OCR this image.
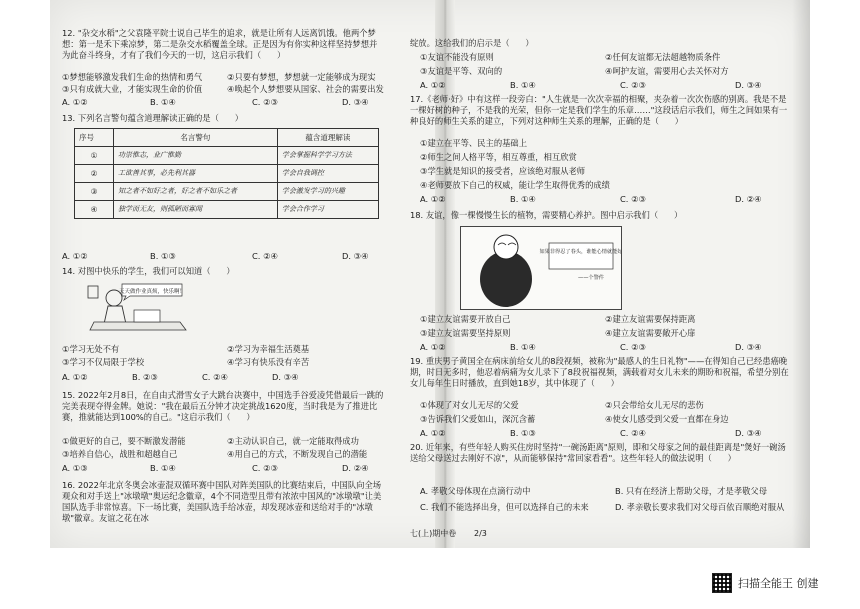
12. "杂交水稻"之父袁隆平院士说自己毕生的追求，就是让所有人远离饥饿。他两个梦想：第一是禾下乘凉梦，第二是杂交水稻覆盖全球。正是因为有你实种这样坚持梦想并为此奋斗终身，才有了我们今天的一切，这启示我们（      ）
①梦想能够激发我们生命的热情和勇气	②只要有梦想，梦想就一定能够成为现实
③只有成就大业，才能实现生命的价值	④唤起个人梦想要从国家、社会的需要出发
A. ①②	B. ①④	C. ②③	D. ③④
13. 下列名言警句蕴含道理解读正确的是（      ）
序号	名言警句	蕴含道理解读
①	功崇惟志，业广惟勤	学会掌握科学学习方法
②	工欲善其事，必先利其器	学会自我调控
③	知之者不如好之者，好之者不如乐之者	学会激发学习的兴趣
④	独学而无友，则孤陋而寡闻	学会合作学习
A. ①②	B. ①③	C. ②④	D. ③④
14. 对图中快乐的学生，我们可以知道（      ）
天天做作业真烦，快乐啊！
①学习无处不有	②学习为幸福生活奠基
③学习不仅局限于学校	④学习有快乐没有辛苦
A. ①②	B. ②③	C. ②④	D. ③④
15. 2022年2月8日，在自由式滑雪女子大跳台决赛中，中国选手谷爱凌凭借最后一跳的完美表现夺得金牌。她说："我在最后五分钟才决定挑战1620度，当时我是为了推进比赛，推就能达到100%的自己。"这启示我们（      ）
①做更好的自己，要不断激发潜能	②主动认识自己，就一定能取得成功
③培养自信心，战胜和超越自己	④用自己的方式，不断发现自己的潜能
A. ①③	B. ①④	C. ②③	D. ②④
16. 2022年北京冬奥会冰壶混双循环赛中国队对阵美国队的比赛结束后，中国队向全场观众和对手送上"冰墩墩"奥运纪念徽章，4个不同造型且带有浓浓中国风的"冰墩墩"让美国队选手非常惊喜。下一场比赛，美国队选手给冰壶，却发现冰壶和送给对手的"冰墩墩"徽章。友谊之花在冰
绽放。这给我们的启示是（      ）
①友谊不能没有原则	②任何友谊都无法超越物质条件
③友谊是平等、双向的	④呵护友谊，需要用心去关怀对方
A. ①②	B. ①④	C. ②③	D. ③④
17.《老师·好》中有这样一段旁白："人生就是一次次幸福的相聚，夹杂着一次次伤感的别离。我是不是一棵好树的种子，不是我的光荣，但你一定是我们学生的乐章……"这段话启示我们，师生之间如果有一种良好的师生关系的建立，下列对这种师生关系的理解，正确的是（      ）
①建立在平等、民主的基础上
②师生之间人格平等，相互尊重，相互欣赏
③学生就是知识的接受者，应该绝对服从老师
④老师要放下自己的权威，能让学生取得优秀的成绩
A. ①②	B. ①④	C. ②③	D. ②④
18. 友谊，像一棵慢慢生长的植物，需要精心养护。图中启示我们（      ）
如果非得忍了春头，谁能心情就能好
——个警件
①建立友谊需要开放自己	②建立友谊需要保持距离
③建立友谊需要坚持原则	④建立友谊需要敞开心扉
A. ①②	B. ①④	C. ②③	D. ③④
19. 重庆男子黄国全在病床前给女儿的8段视频，被称为"最感人的生日礼物"——在得知自己已经患癌晚期，时日无多时，他忍着病痛为女儿录下了8段祝福视频，满载着对女儿未来的期盼和祝福，希望分别在女儿每年生日时播放，直到她18岁，其中体现了（      ）
①体现了对女儿无尽的父爱	②只会带给女儿无尽的悲伤
③告诉我们父爱如山，深沉含蓄	④使女儿感受到父爱一直都在身边
A. ①②	B. ①③	C. ②④	D. ③④
20. 近年来，有些年轻人购买住房时坚持"一碗汤距离"原则，即和父母家之间的最佳距离是"煲好一碗汤送给父母送过去刚好不凉"，从而能够保持"常回家看看"。这些年轻人的做法说明（      ）
A. 孝敬父母体现在点滴行动中	B. 只有在经济上帮助父母，才是孝敬父母
C. 我们不能选择出身，但可以选择自己的未来	D. 孝亲敬长要求我们对父母百依百顺绝对服从
七(上)期中卷 2/3
扫描全能王 创建
